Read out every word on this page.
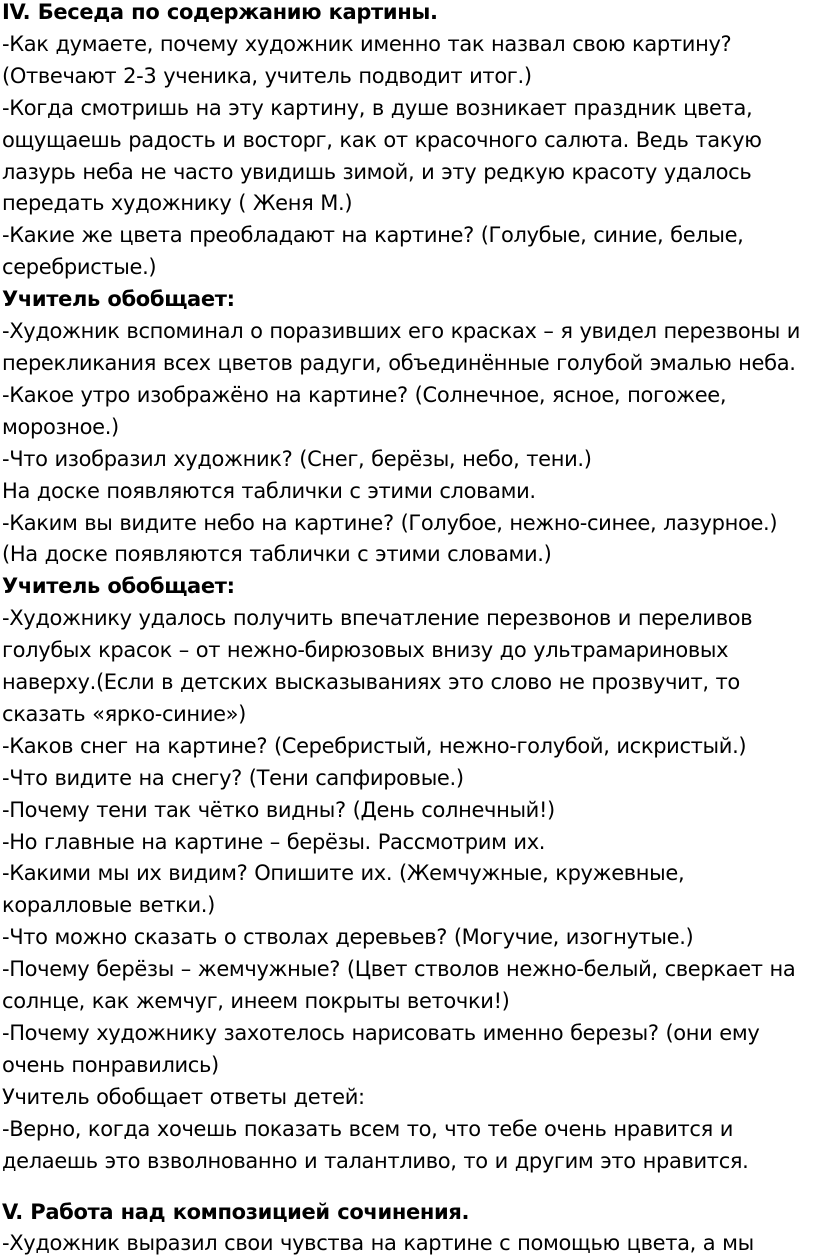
IV. Беседа по содержанию картины.

-Как думаете, почему художник именно так назвал свою картину?(Отвечают 2-3 ученика, учитель подводит итог.)

-Когда смотришь на эту картину, в душе возникает праздник цвета, ощущаешь радость и восторг, как от красочного салюта. Ведь такую лазурь неба не часто увидишь зимой, и эту редкую красоту удалось передать художнику ( Женя М.)

-Какие же цвета преобладают на картине? (Голубые, синие, белые, серебристые.)

Учитель обобщает:

-Художник вспоминал о поразивших его красках – я увидел перезвоны и перекликания всех цветов радуги, объединённые голубой эмалью неба.

-Какое утро изображёно на картине? (Солнечное, ясное, погожее, морозное.)

-Что изобразил художник? (Снег, берёзы, небо, тени.)

На доске появляются таблички с этими словами.

-Каким вы видите небо на картине? (Голубое, нежно-синее, лазурное.) (На доске появляются таблички с этими словами.)

Учитель обобщает:

-Художнику удалось получить впечатление перезвонов и переливов голубых красок – от нежно-бирюзовых внизу до ультрамариновых наверху.(Если в детских высказываниях это слово не прозвучит, то сказать «ярко-синие»)

-Каков снег на картине? (Серебристый, нежно-голубой, искристый.)

-Что видите на снегу? (Тени сапфировые.)

-Почему тени так чётко видны? (День солнечный!)

-Но главные на картине – берёзы. Рассмотрим их.

-Какими мы их видим? Опишите их. (Жемчужные, кружевные, коралловые ветки.)

-Что можно сказать о стволах деревьев? (Могучие, изогнутые.)

-Почему берёзы – жемчужные? (Цвет стволов нежно-белый, сверкает на солнце, как жемчуг, инеем покрыты веточки!)

-Почему художнику захотелось нарисовать именно березы? (они ему очень понравились)

Учитель обобщает ответы детей:

-Верно, когда хочешь показать всем то, что тебе очень нравится и делаешь это взволнованно и талантливо, то и другим это нравится.

V. Работа над композицией сочинения.

-Художник выразил свои чувства на картине с помощью цвета, а мы
